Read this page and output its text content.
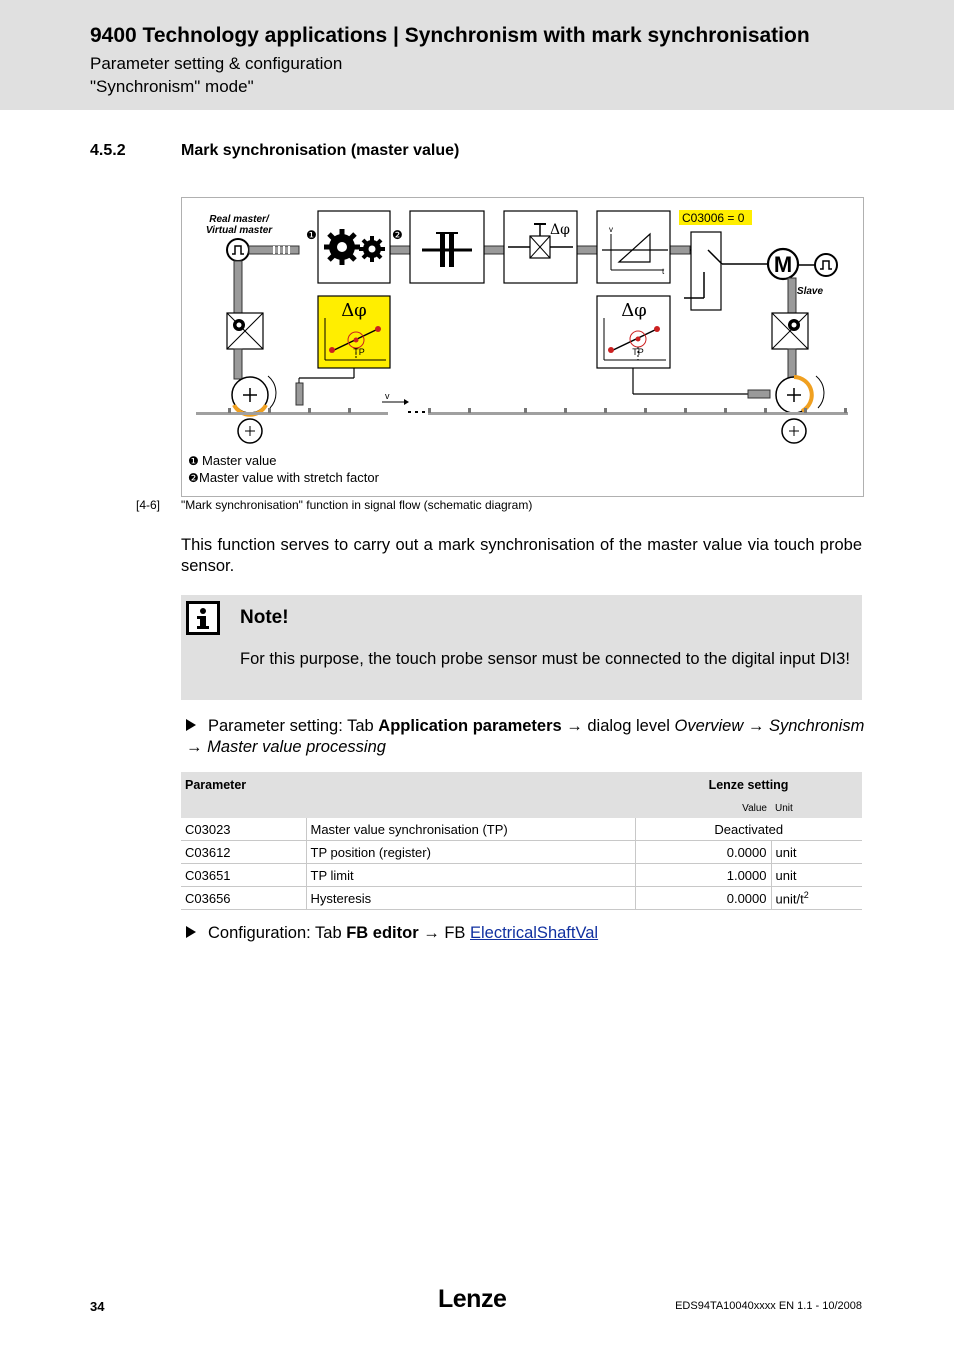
9400 Technology applications | Synchronism with mark synchronisation
Parameter setting & configuration
"Synchronism" mode"
4.5.2	Mark synchronisation (master value)
Real master/
Virtual master	❶	❷	Δφ	v
t
C03006 = 0
M
Slave
v
Δφ
TP
Δφ
TP
❶ Master value
❷ Master value with stretch factor
[4-6] "Mark synchronisation" function in signal flow (schematic diagram)
This function serves to carry out a mark synchronisation of the master value via touch probe sensor.
Note!
For this purpose, the touch probe sensor must be connected to the digital input DI3!
Parameter setting: Tab Application parameters → dialog level Overview → Synchronism
→ Master value processing
Parameter		Lenze setting	
		Value	Unit
C03023	Master value synchronisation (TP)	Deactivated	
C03612	TP position (register)	0.0000	unit
C03651	TP limit	1.0000	unit
C03656	Hysteresis	0.0000	unit/$t^2$
Configuration: Tab FB editor → FB ElectricalShaftVal
34	Lenze	EDS94TA10040xxxx EN 1.1 - 10/2008
